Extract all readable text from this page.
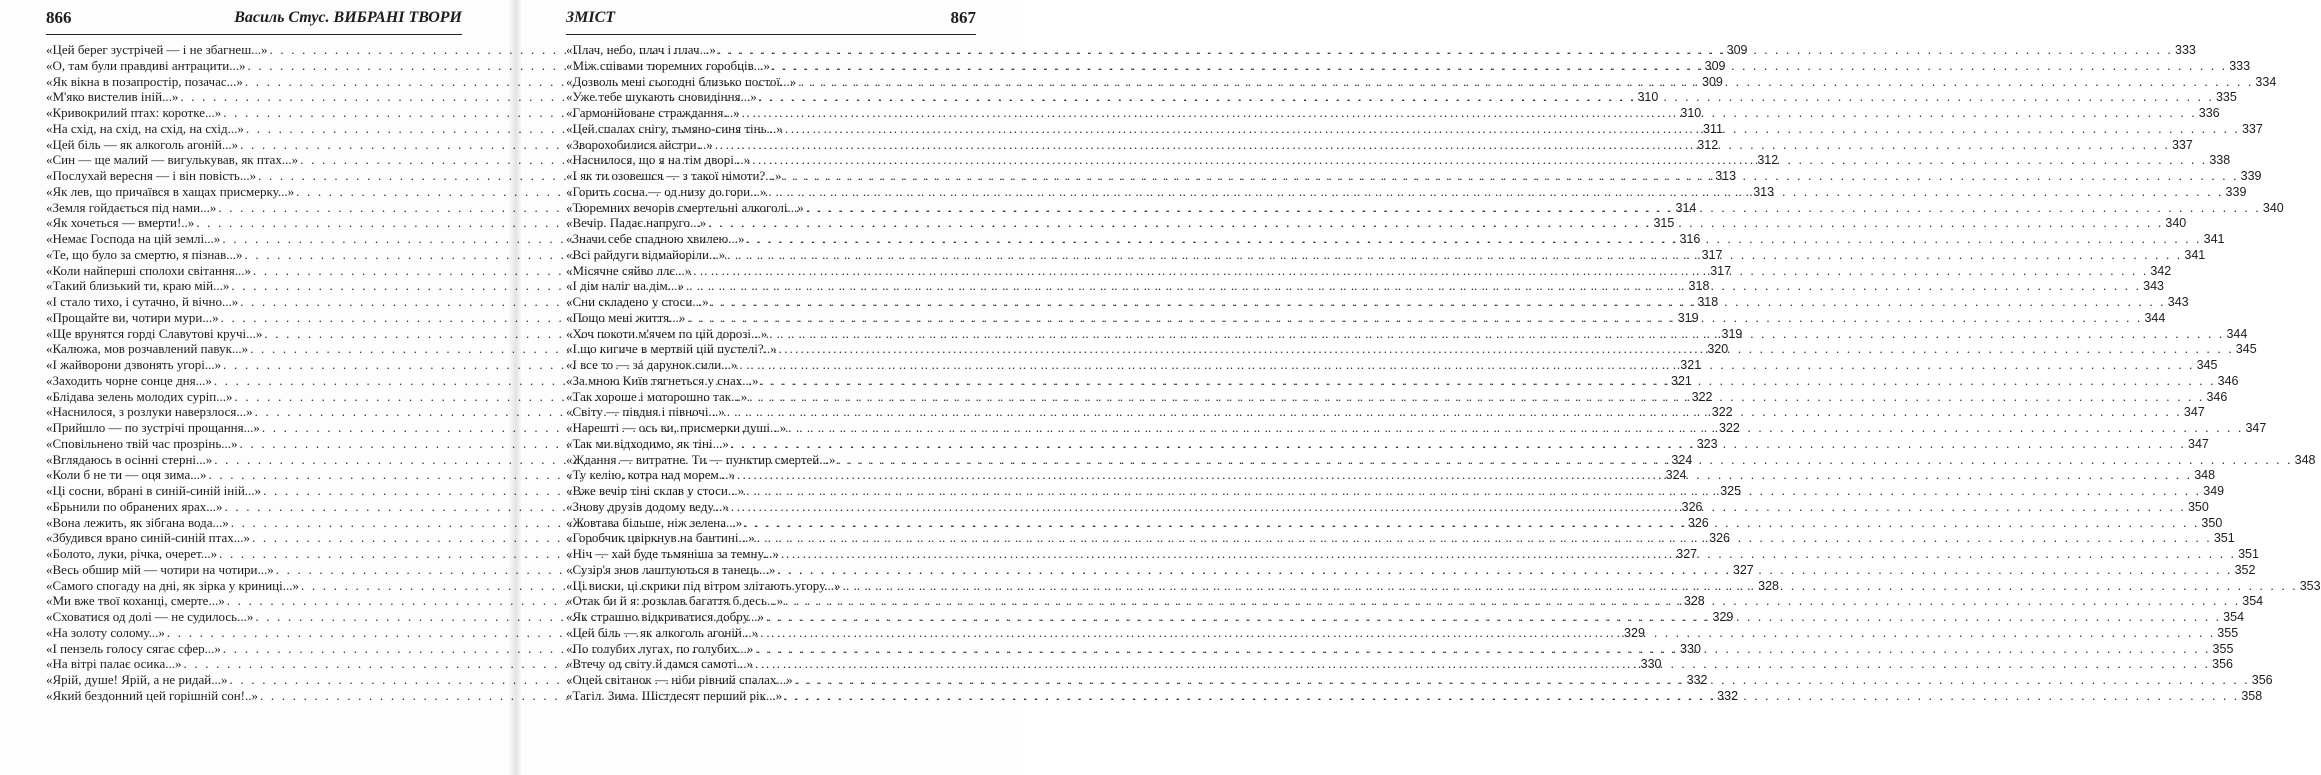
866	Василь Стус. ВИБРАНІ ТВОРИ
«Цей берег зустрічей — і не збагнеш...» . . .	309
«О, там були правдиві антрацити...» . . .	309
«Як вікна в позапростір, позачас...» . . .	309
«М'яко вистелив іній...» . . .	310
«Кривокрилий птах: коротке...» . . .	310
«На схід, на схід, на схід, на схід...» . . .	311
«Цей біль — як алкоголь агоній...» . . .	312
«Син — ще малий — вигулькував, як птах...» . . .	312
«Послухай вересня — і він повість...» . . .	313
«Як лев, що причаївся в хащах присмерку...» . . .	313
«Земля гойдається під нами...» . . .	314
«Як хочеться — вмерти!..» . . .	315
«Немає Господа на цій землі...» . . .	316
«Те, що було за смертю, я пізнав...» . . .	317
«Коли найперші сполохи світання...» . . .	317
«Такий близький ти, краю мій...» . . .	318
«І стало тихо, і сутачно, й вічно...» . . .	318
«Прощайте ви, чотири мури...» . . .	319
«Ще врунятся горді Славутові кручі...» . . .	319
«Калюжа, мов розчавлений павук...» . . .	320
«І жайворони дзвонять угорі...» . . .	321
«Заходить чорне сонце дня...» . . .	321
«Блідава зелень молодих суріп...» . . .	322
«Наснилося, з розлуки наверзлося...» . . .	322
«Прийшло — по зустрічі прощання...» . . .	322
«Сповільнено твій час прозрінь...» . . .	323
«Вглядаюсь в осінні стерні...» . . .	324
«Коли б не ти — оця зима...» . . .	324
«Ці сосни, вбрані в синій-синій іній...» . . .	325
«Брьнили по обранених ярах...» . . .	326
«Вона лежить, як зібгана вода...» . . .	326
«Збудився врано синій-синій птах...» . . .	326
«Болото, луки, річка, очерет...» . . .	327
«Весь обшир мій — чотири на чотири...» . . .	327
«Самого спогаду на дні, як зірка у криниці...» . . .	328
«Ми вже твої коханці, смерте...» . . .	328
«Сховатися од долі — не судилось...» . . .	329
«На золоту солому...» . . .	329
«І пензель голосу сягає сфер...» . . .	330
«На вітрі палає осика...» . . .	330
«Ярій, душе! Ярій, а не ридай...» . . .	332
«Який бездонний цей горішній сон!..» . . .	332
ЗМІСТ	867
«Плач, небо, плач і плач...» . . .	333
«Між співами тюремних горобців...» . . .	333
«Дозволь мені сьогодні близько постої...» . . .	334
«Уже тебе шукають сновидіння...» . . .	335
«Гармонійоване страждання...» . . .	336
«Цей спалах снігу, тьмяно-синя тінь...» . . .	337
«Зворохобилися айстри...» . . .	337
«Наснилося, що я на тім дворі...» . . .	338
«І як ти озовешся — з такої німоти?...» . . .	339
«Горить сосна — од низу до гори...» . . .	339
«Тюремних вечорів смертельні алкоголі...» . . .	340
«Вечір. Падає напруго...» . . .	340
«Значи себе спадною хвилею...» . . .	341
«Всі райдуги відмайоріли...» . . .	341
«Місячне сяйво ллє...» . . .	342
«І дім наліг на дім...» . . .	343
«Сни складено у стоси...» . . .	343
«Пощо мені життя...» . . .	344
«Хоч покоти м'ячем по цій дорозі...» . . .	344
«І що кигиче в мертвій цій пустелі?..» . . .	345
«І все то — зá дарунок сили...» . . .	345
«За мною Київ тягнеться у снах...» . . .	346
«Так хороше і моторошно так...» . . .	346
«Світу — півдня і півночі...» . . .	347
«Нарешті — ось ви, присмерки душі...» . . .	347
«Так ми відходимо, як тіні...» . . .	347
«Ждання — витратне. Ти — пунктир смертей...» . . .	348
«Ту келію, котра над морем...» . . .	348
«Вже вечір тіні склав у стоси...» . . .	349
«Знову друзів додому веду...» . . .	350
«Жовтава більше, ніж зелена...» . . .	350
«Горобчик цвіркнув на бантині...» . . .	351
«Ніч — хай буде тьмяніша за темну...» . . .	351
«Сузір'я знов лаштуються в танець...» . . .	352
«Ці виски, ці скрики під вітром злітають угору...» . . .	353
«Отак би й я: розклав багаття б десь...» . . .	354
«Як страшно відкриватися добру...» . . .	354
«Цей біль — як алкоголь агоній...» . . .	355
«По голубих лугах, по голубих...» . . .	355
«Втечу од світу й дамся самоті...» . . .	356
«Оцей світанок — ніби рівний спалах...» . . .	356
«Тагіл. Зима. Шістдесят перший рік...» . . .	358
